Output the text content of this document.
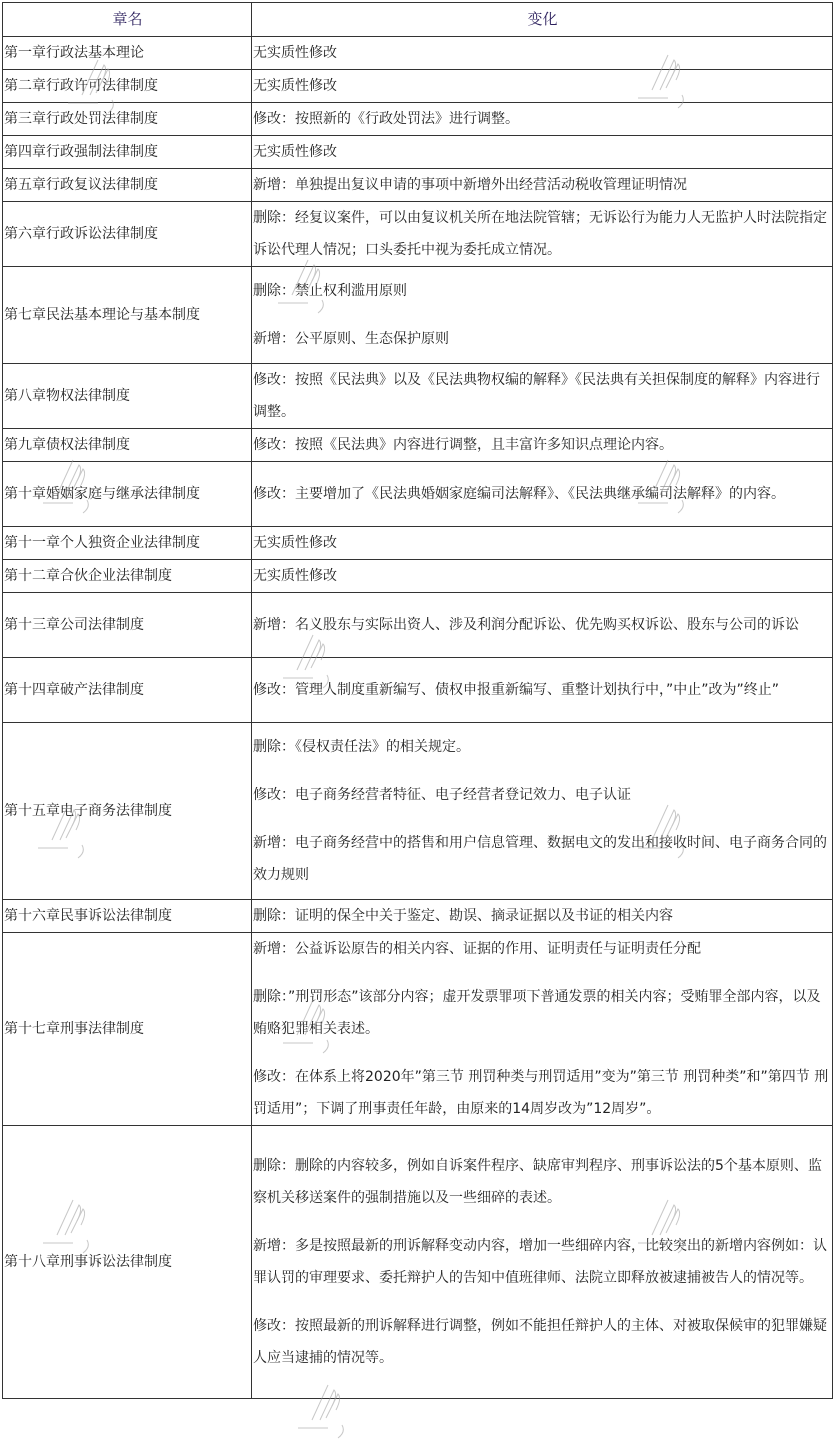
章名	变化
第一章行政法基本理论	无实质性修改

第二章行政许可法律制度	无实质性修改

第三章行政处罚法律制度	修改：按照新的《行政处罚法》进行调整。

第四章行政强制法律制度	无实质性修改

第五章行政复议法律制度	新增：单独提出复议申请的事项中新增外出经营活动税收管理证明情况

第六章行政诉讼法律制度	删除：经复议案件，可以由复议机关所在地法院管辖；无诉讼行为能力人无监护人时法院指定诉讼代理人情况；口头委托中视为委托成立情况。

第七章民法基本理论与基本制度	删除：禁止权利滥用原则
新增：公平原则、生态保护原则

第八章物权法律制度	修改：按照《民法典》以及《民法典物权编的解释》《民法典有关担保制度的解释》内容进行调整。

第九章债权法律制度	修改：按照《民法典》内容进行调整，且丰富许多知识点理论内容。

第十章婚姻家庭与继承法律制度	修改：主要增加了《民法典婚姻家庭编司法解释》、《民法典继承编司法解释》的内容。

第十一章个人独资企业法律制度	无实质性修改

第十二章合伙企业法律制度	无实质性修改

第十三章公司法律制度	新增：名义股东与实际出资人、涉及利润分配诉讼、优先购买权诉讼、股东与公司的诉讼

第十四章破产法律制度	修改：管理人制度重新编写、债权申报重新编写、重整计划执行中，”中止”改为”终止”

第十五章电子商务法律制度	删除：《侵权责任法》的相关规定。
修改：电子商务经营者特征、电子经营者登记效力、电子认证
新增：电子商务经营中的搭售和用户信息管理、数据电文的发出和接收时间、电子商务合同的效力规则

第十六章民事诉讼法律制度	删除：证明的保全中关于鉴定、勘误、摘录证据以及书证的相关内容

第十七章刑事法律制度	新增：公益诉讼原告的相关内容、证据的作用、证明责任与证明责任分配
删除：”刑罚形态”该部分内容；虚开发票罪项下普通发票的相关内容；受贿罪全部内容，以及贿赂犯罪相关表述。
修改：在体系上将2020年”第三节 刑罚种类与刑罚适用”变为”第三节 刑罚种类”和”第四节 刑罚适用”；下调了刑事责任年龄，由原来的14周岁改为”12周岁”。

第十八章刑事诉讼法律制度	删除：删除的内容较多，例如自诉案件程序、缺席审判程序、刑事诉讼法的5个基本原则、监察机关移送案件的强制措施以及一些细碎的表述。
新增：多是按照最新的刑诉解释变动内容，增加一些细碎内容，比较突出的新增内容例如：认罪认罚的审理要求、委托辩护人的告知中值班律师、法院立即释放被逮捕被告人的情况等。
修改：按照最新的刑诉解释进行调整，例如不能担任辩护人的主体、对被取保候审的犯罪嫌疑人应当逮捕的情况等。
